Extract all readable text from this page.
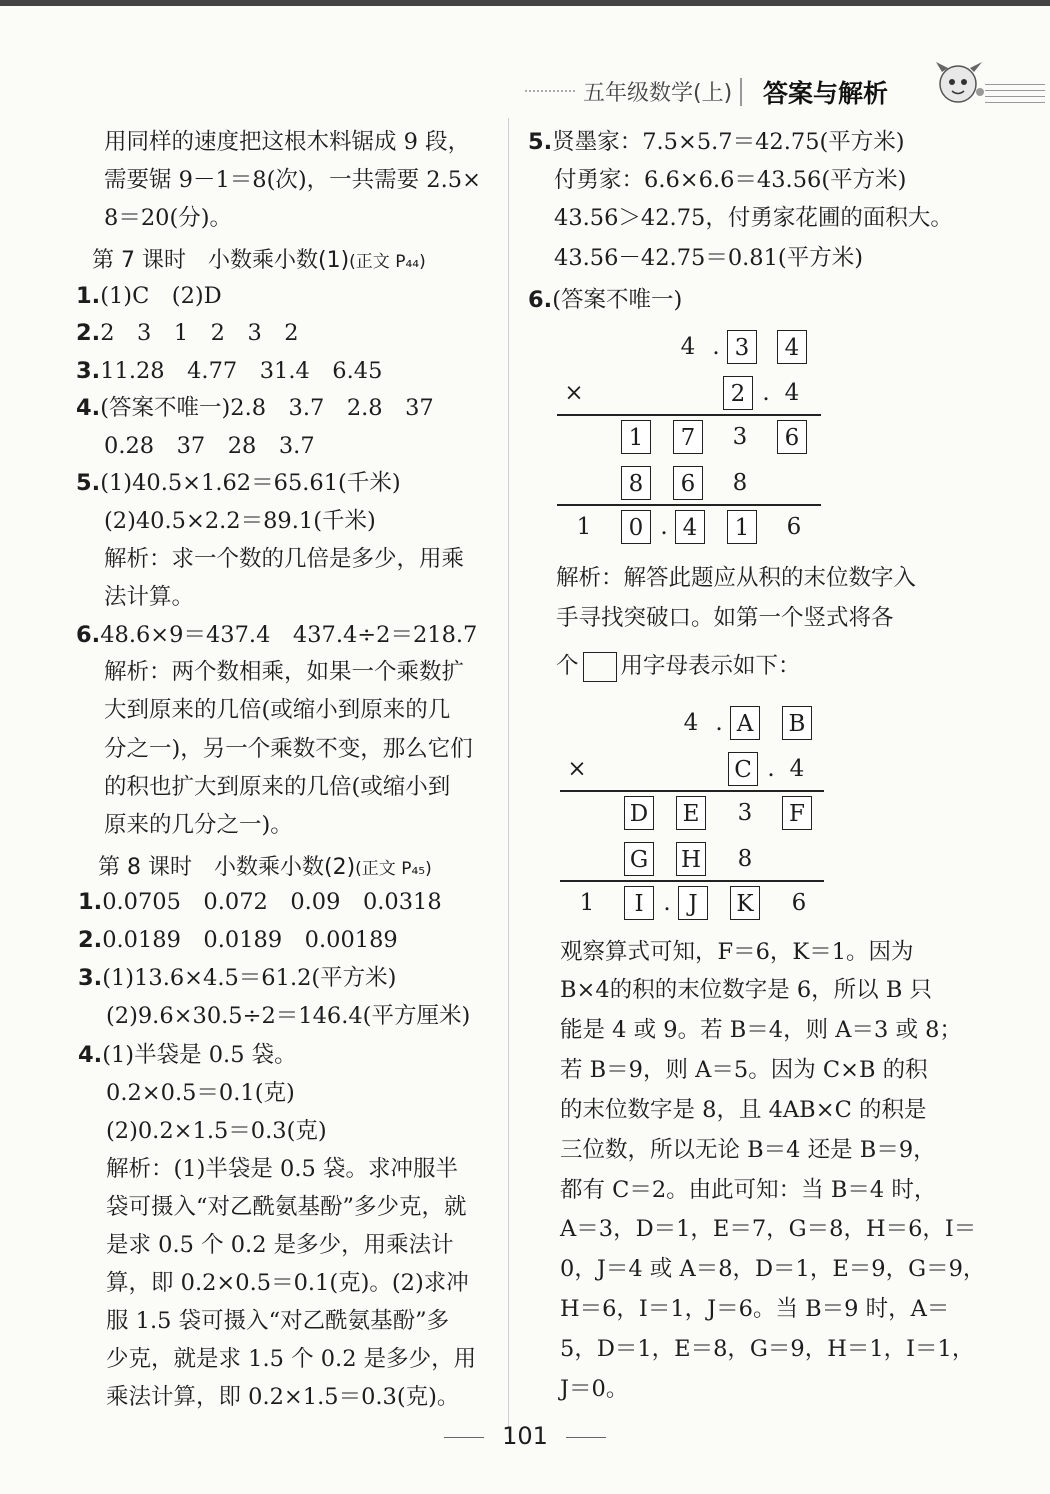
五年级数学(上) 答案与解析
用同样的速度把这根木料锯成 9 段，
需要锯 9－1＝8(次)，一共需要 2.5×
8＝20(分)。
第 7 课时　小数乘小数(1)(正文 P₄₄)
1.(1)C　(2)D
2.2　3　1　2　3　2
3.11.28　4.77　31.4　6.45
4.(答案不唯一)2.8　3.7　2.8　37
0.28　37　28　3.7
5.(1)40.5×1.62＝65.61(千米)
(2)40.5×2.2＝89.1(千米)
解析：求一个数的几倍是多少，用乘
法计算。
6.48.6×9＝437.4　437.4÷2＝218.7
解析：两个数相乘，如果一个乘数扩
大到原来的几倍(或缩小到原来的几
分之一)，另一个乘数不变，那么它们
的积也扩大到原来的几倍(或缩小到
原来的几分之一)。
第 8 课时　小数乘小数(2)(正文 P₄₅)
1.0.0705　0.072　0.09　0.0318
2.0.0189　0.0189　0.00189
3.(1)13.6×4.5＝61.2(平方米)
(2)9.6×30.5÷2＝146.4(平方厘米)
4.(1)半袋是 0.5 袋。
0.2×0.5＝0.1(克)
(2)0.2×1.5＝0.3(克)
解析：(1)半袋是 0.5 袋。求冲服半
袋可摄入“对乙酰氨基酚”多少克，就
是求 0.5 个 0.2 是多少，用乘法计
算，即 0.2×0.5＝0.1(克)。(2)求冲
服 1.5 袋可摄入“对乙酰氨基酚”多
少克，就是求 1.5 个 0.2 是多少，用
乘法计算，即 0.2×1.5＝0.3(克)。
5.贤墨家：7.5×5.7＝42.75(平方米)
付勇家：6.6×6.6＝43.56(平方米)
43.56＞42.75，付勇家花圃的面积大。
43.56－42.75＝0.81(平方米)
6.(答案不唯一)
4 . 3	4
×	2 . 4
1	7	3	6
8	6	8
1	0 . 4	1	6
解析：解答此题应从积的末位数字入
手寻找突破口。如第一个竖式将各
个 用字母表示如下：
4 . A B
×	C . 4
D E	3	F
G H	8
1	I . J	K	6
观察算式可知，F＝6，K＝1。因为
B×4的积的末位数字是 6，所以 B 只
能是 4 或 9。若 B＝4，则 A＝3 或 8；
若 B＝9，则 A＝5。因为 C×B 的积
的末位数字是 8，且 4AB×C 的积是
三位数，所以无论 B＝4 还是 B＝9，
都有 C＝2。由此可知：当 B＝4 时，
A＝3，D＝1，E＝7，G＝8，H＝6，I＝
0，J＝4 或 A＝8，D＝1，E＝9，G＝9，
H＝6，I＝1，J＝6。当 B＝9 时，A＝
5，D＝1，E＝8，G＝9，H＝1，I＝1，
J＝0。
101
